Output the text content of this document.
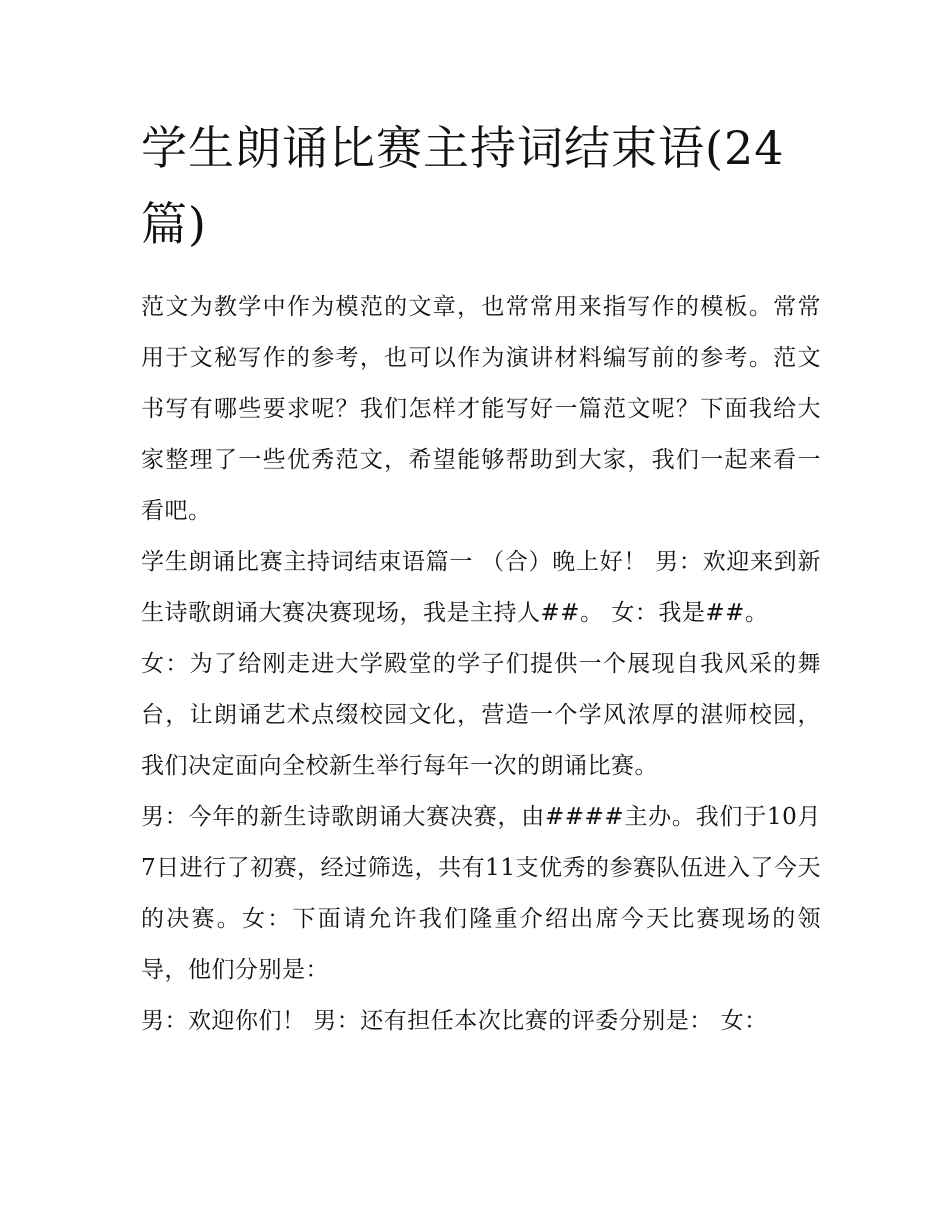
学生朗诵比赛主持词结束语(24篇)

范文为教学中作为模范的文章，也常常用来指写作的模板。常常用于文秘写作的参考，也可以作为演讲材料编写前的参考。范文书写有哪些要求呢？我们怎样才能写好一篇范文呢？下面我给大家整理了一些优秀范文，希望能够帮助到大家，我们一起来看一看吧。

学生朗诵比赛主持词结束语篇一 （合）晚上好！ 男：欢迎来到新生诗歌朗诵大赛决赛现场，我是主持人##。 女：我是##。

女：为了给刚走进大学殿堂的学子们提供一个展现自我风采的舞台，让朗诵艺术点缀校园文化，营造一个学风浓厚的湛师校园，我们决定面向全校新生举行每年一次的朗诵比赛。

男：今年的新生诗歌朗诵大赛决赛，由####主办。我们于10月7日进行了初赛，经过筛选，共有11支优秀的参赛队伍进入了今天的决赛。女：下面请允许我们隆重介绍出席今天比赛现场的领导，他们分别是：

男：欢迎你们！ 男：还有担任本次比赛的评委分别是： 女：
